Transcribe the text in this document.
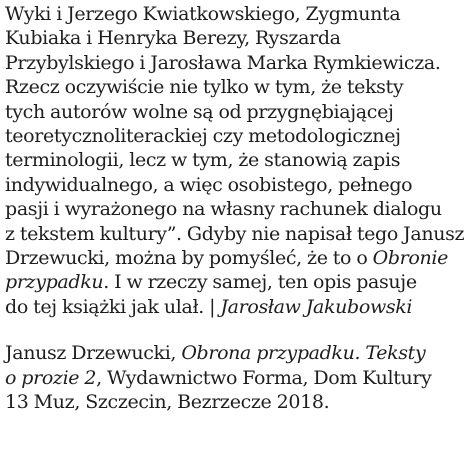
Wyki i Jerzego Kwiatkowskiego, Zygmunta
Kubiaka i Henryka Berezy, Ryszarda
Przybylskiego i Jarosława Marka Rymkiewicza.
Rzecz oczywiście nie tylko w tym, że teksty
tych autorów wolne są od przygnębiającej
teoretycznoliterackiej czy metodologicznej
terminologii, lecz w tym, że stanowią zapis
indywidualnego, a więc osobistego, pełnego
pasji i wyrażonego na własny rachunek dialogu
z tekstem kultury”. Gdyby nie napisał tego Janusz
Drzewucki, można by pomyśleć, że to o Obronie
przypadku. I w rzeczy samej, ten opis pasuje
do tej książki jak ulał. | Jarosław Jakubowski
Janusz Drzewucki, Obrona przypadku. Teksty
o prozie 2, Wydawnictwo Forma, Dom Kultury
13 Muz, Szczecin, Bezrzecze 2018.
